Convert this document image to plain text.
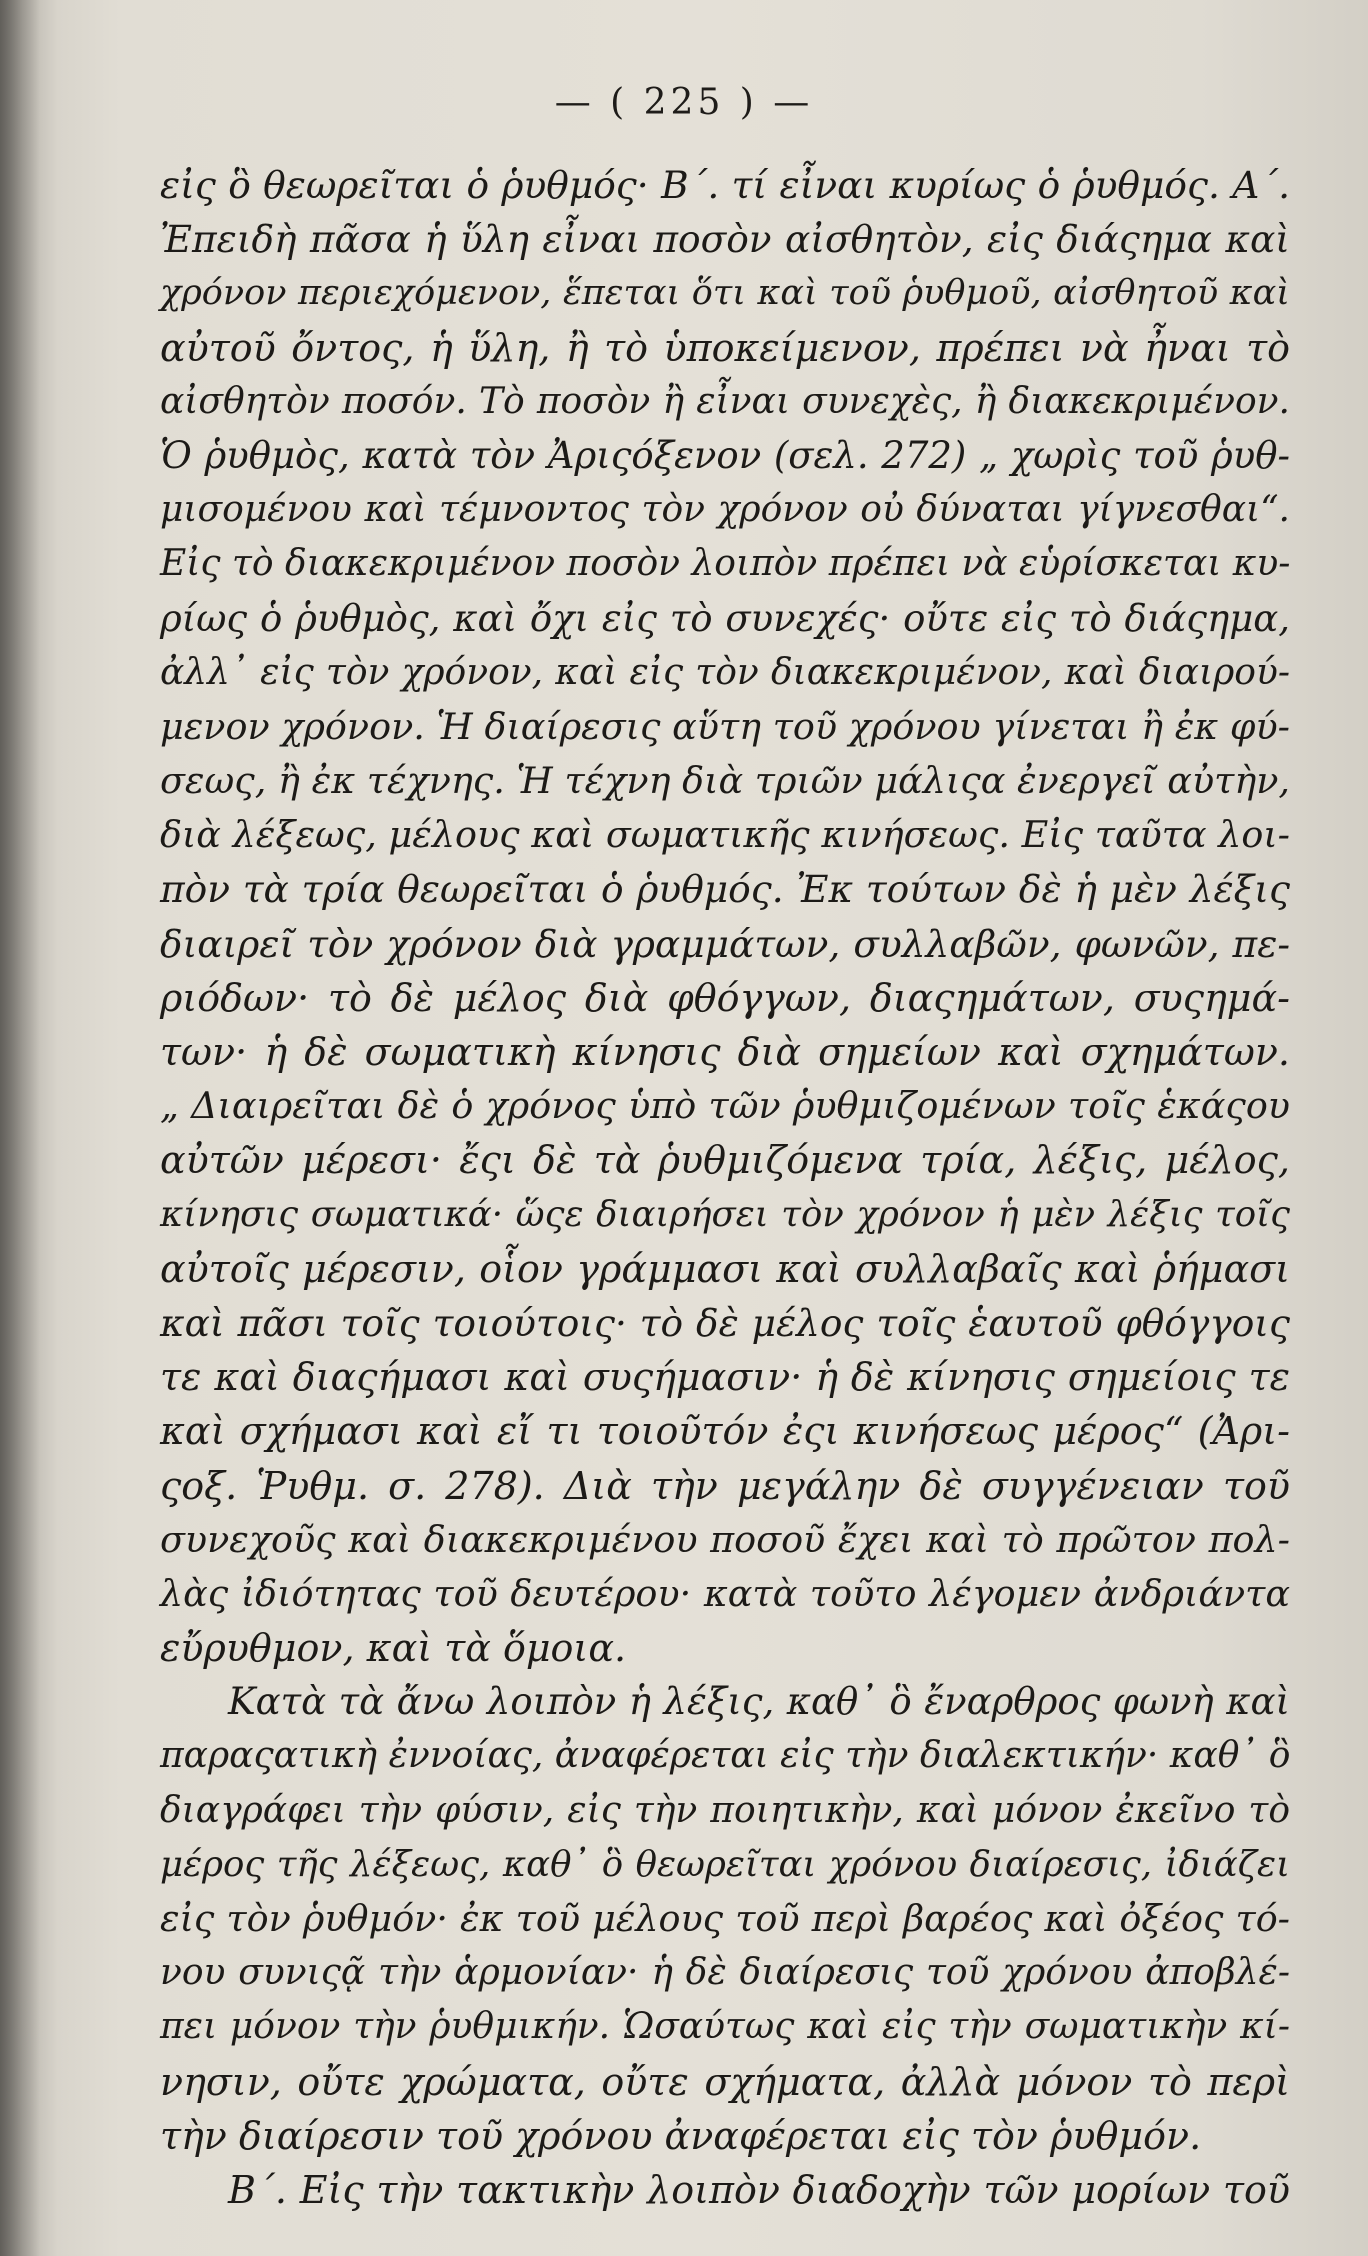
— ( 225 ) —
εἰς ὃ θεωρεῖται ὁ ῥυθμός· Β΄. τί εἶναι κυρίως ὁ ῥυθμός. Α΄.
Ἐπειδὴ πᾶσα ἡ ὕλη εἶναι ποσὸν αἰσθητὸν, εἰς διάςημα καὶ
χρόνον περιεχόμενον, ἕπεται ὅτι καὶ τοῦ ῥυθμοῦ, αἰσθητοῦ καὶ
αὐτοῦ ὄντος, ἡ ὕλη, ἢ τὸ ὑποκείμενον, πρέπει νὰ ἦναι τὸ
αἰσθητὸν ποσόν. Τὸ ποσὸν ἢ εἶναι συνεχὲς, ἢ διακεκριμένον.
Ὁ ῥυθμὸς, κατὰ τὸν Ἀριςόξενον (σελ. 272) „ χωρὶς τοῦ ῥυθ-
μισομένου καὶ τέμνοντος τὸν χρόνον οὐ δύναται γίγνεσθαι“.
Εἰς τὸ διακεκριμένον ποσὸν λοιπὸν πρέπει νὰ εὑρίσκεται κυ-
ρίως ὁ ῥυθμὸς, καὶ ὄχι εἰς τὸ συνεχές· οὔτε εἰς τὸ διάςημα,
ἀλλ᾽ εἰς τὸν χρόνον, καὶ εἰς τὸν διακεκριμένον, καὶ διαιρού-
μενον χρόνον. Ἡ διαίρεσις αὕτη τοῦ χρόνου γίνεται ἢ ἐκ φύ-
σεως, ἢ ἐκ τέχνης. Ἡ τέχνη διὰ τριῶν μάλιςα ἐνεργεῖ αὐτὴν,
διὰ λέξεως, μέλους καὶ σωματικῆς κινήσεως. Εἰς ταῦτα λοι-
πὸν τὰ τρία θεωρεῖται ὁ ῥυθμός. Ἐκ τούτων δὲ ἡ μὲν λέξις
διαιρεῖ τὸν χρόνον διὰ γραμμάτων, συλλαβῶν, φωνῶν, πε-
ριόδων· τὸ δὲ μέλος διὰ φθόγγων, διαςημάτων, συςημά-
των· ἡ δὲ σωματικὴ κίνησις διὰ σημείων καὶ σχημάτων.
„ Διαιρεῖται δὲ ὁ χρόνος ὑπὸ τῶν ῥυθμιζομένων τοῖς ἑκάςου
αὐτῶν μέρεσι· ἔςι δὲ τὰ ῥυθμιζόμενα τρία, λέξις, μέλος,
κίνησις σωματικά· ὥςε διαιρήσει τὸν χρόνον ἡ μὲν λέξις τοῖς
αὐτοῖς μέρεσιν, οἷον γράμμασι καὶ συλλαβαῖς καὶ ῥήμασι
καὶ πᾶσι τοῖς τοιούτοις· τὸ δὲ μέλος τοῖς ἑαυτοῦ φθόγγοις
τε καὶ διαςήμασι καὶ συςήμασιν· ἡ δὲ κίνησις σημείοις τε
καὶ σχήμασι καὶ εἴ τι τοιοῦτόν ἐςι κινήσεως μέρος“ (Ἀρι-
ςοξ. Ῥυθμ. σ. 278). Διὰ τὴν μεγάλην δὲ συγγένειαν τοῦ
συνεχοῦς καὶ διακεκριμένου ποσοῦ ἔχει καὶ τὸ πρῶτον πολ-
λὰς ἰδιότητας τοῦ δευτέρου· κατὰ τοῦτο λέγομεν ἀνδριάντα
εὔρυθμον, καὶ τὰ ὅμοια.
Κατὰ τὰ ἄνω λοιπὸν ἡ λέξις, καθ᾽ ὃ ἔναρθρος φωνὴ καὶ
παραςατικὴ ἐννοίας, ἀναφέρεται εἰς τὴν διαλεκτικήν· καθ᾽ ὃ
διαγράφει τὴν φύσιν, εἰς τὴν ποιητικὴν, καὶ μόνον ἐκεῖνο τὸ
μέρος τῆς λέξεως, καθ᾽ ὃ θεωρεῖται χρόνου διαίρεσις, ἰδιάζει
εἰς τὸν ῥυθμόν· ἐκ τοῦ μέλους τοῦ περὶ βαρέος καὶ ὀξέος τό-
νου συνιςᾷ τὴν ἁρμονίαν· ἡ δὲ διαίρεσις τοῦ χρόνου ἀποβλέ-
πει μόνον τὴν ῥυθμικήν. Ὡσαύτως καὶ εἰς τὴν σωματικὴν κί-
νησιν, οὔτε χρώματα, οὔτε σχήματα, ἀλλὰ μόνον τὸ περὶ
τὴν διαίρεσιν τοῦ χρόνου ἀναφέρεται εἰς τὸν ῥυθμόν.
Β΄. Εἰς τὴν τακτικὴν λοιπὸν διαδοχὴν τῶν μορίων τοῦ
